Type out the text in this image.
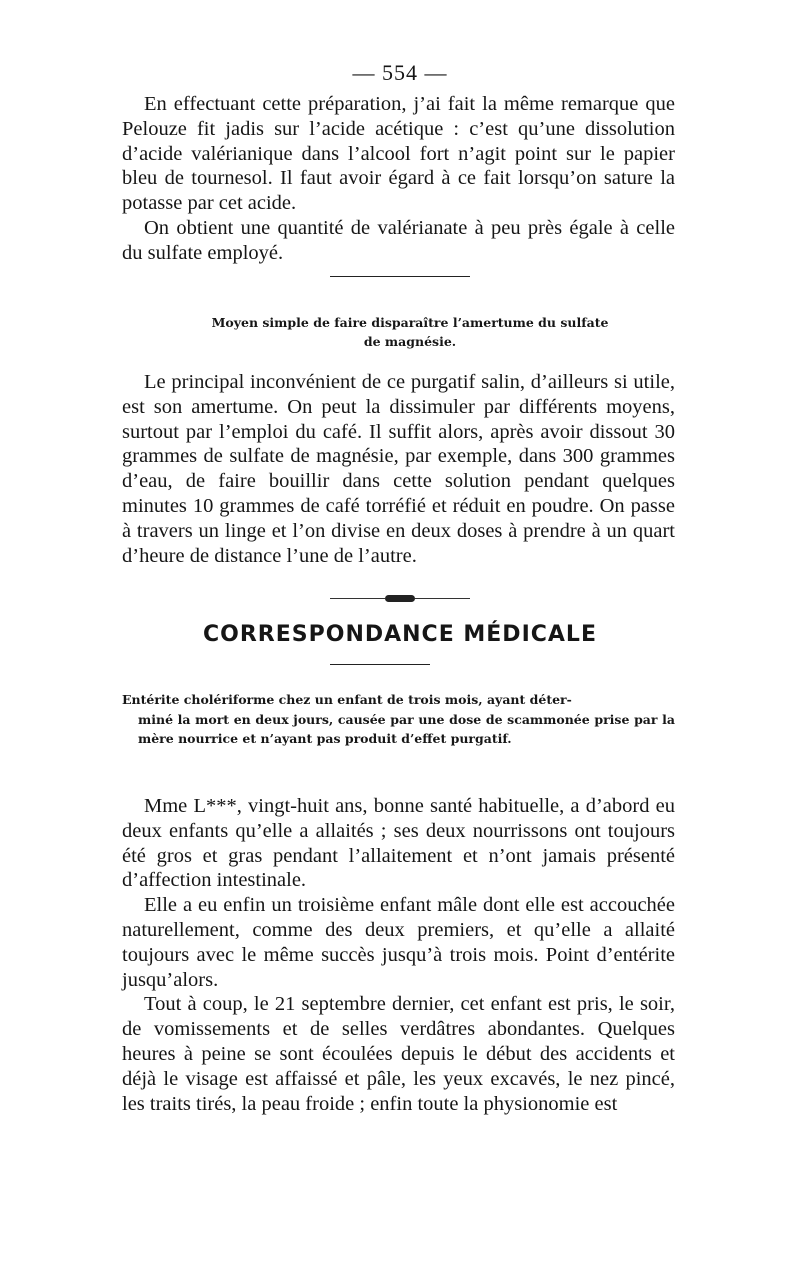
— 554 —

En effectuant cette préparation, j’ai fait la même remarque que Pelouze fit jadis sur l’acide acétique : c’est qu’une dissolution d’acide valérianique dans l’alcool fort n’agit point sur le papier bleu de tournesol. Il faut avoir égard à ce fait lorsqu’on sature la potasse par cet acide.

On obtient une quantité de valérianate à peu près égale à celle du sulfate employé.

Moyen simple de faire disparaître l’amertume du sulfate
de magnésie.

Le principal inconvénient de ce purgatif salin, d’ailleurs si utile, est son amertume. On peut la dissimuler par différents moyens, surtout par l’emploi du café. Il suffit alors, après avoir dissout 30 grammes de sulfate de magnésie, par exemple, dans 300 grammes d’eau, de faire bouillir dans cette solution pendant quelques minutes 10 grammes de café torréfié et réduit en poudre. On passe à travers un linge et l’on divise en deux doses à prendre à un quart d’heure de distance l’une de l’autre.

CORRESPONDANCE MÉDICALE
Entérite cholériforme chez un enfant de trois mois, ayant déter-
miné la mort en deux jours, causée par une dose de scammonée prise par la mère nourrice et n’ayant pas produit d’effet purgatif.

Mme L***, vingt-huit ans, bonne santé habituelle, a d’abord eu deux enfants qu’elle a allaités ; ses deux nourrissons ont toujours été gros et gras pendant l’allaitement et n’ont jamais présenté d’affection intestinale.

Elle a eu enfin un troisième enfant mâle dont elle est accouchée naturellement, comme des deux premiers, et qu’elle a allaité toujours avec le même succès jusqu’à trois mois. Point d’entérite jusqu’alors.

Tout à coup, le 21 septembre dernier, cet enfant est pris, le soir, de vomissements et de selles verdâtres abondantes. Quelques heures à peine se sont écoulées depuis le début des accidents et déjà le visage est affaissé et pâle, les yeux excavés, le nez pincé, les traits tirés, la peau froide ; enfin toute la physionomie est
